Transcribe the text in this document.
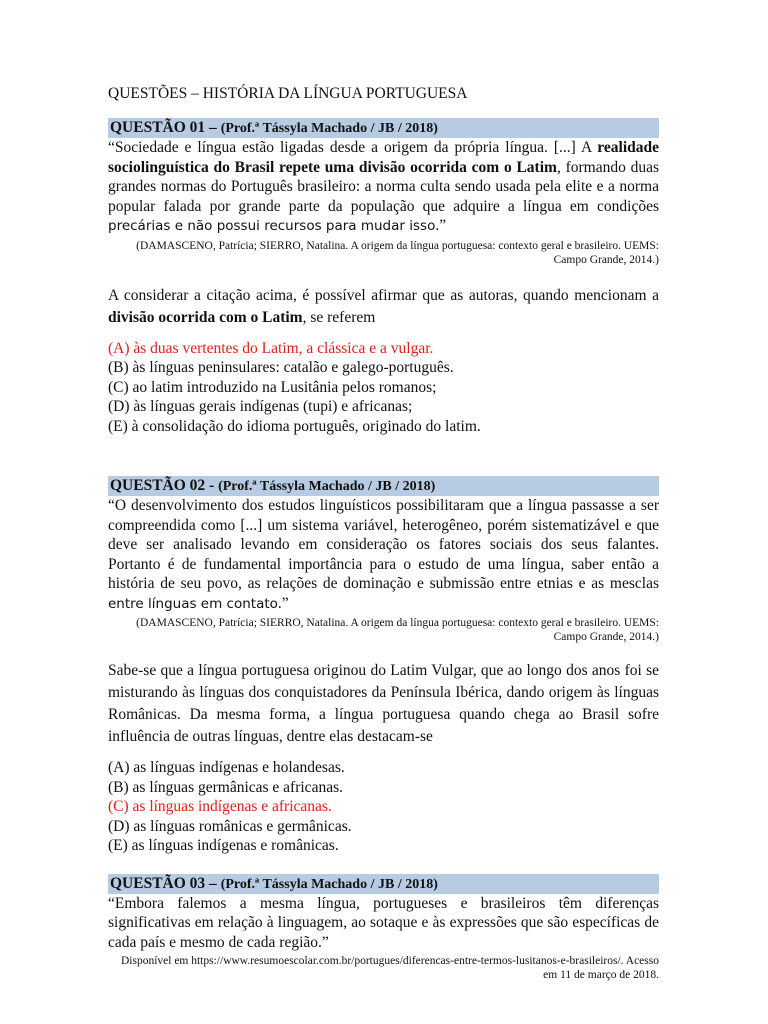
QUESTÕES – HISTÓRIA DA LÍNGUA PORTUGUESA
QUESTÃO 01 – (Prof.ª Tássyla Machado / JB / 2018)

“Sociedade e língua estão ligadas desde a origem da própria língua. [...] A realidade sociolinguística do Brasil repete uma divisão ocorrida com o Latim, formando duas grandes normas do Português brasileiro: a norma culta sendo usada pela elite e a norma popular falada por grande parte da população que adquire a língua em condições precárias e não possui recursos para mudar isso.”

(DAMASCENO, Patrícia; SIERRO, Natalina. A origem da língua portuguesa: contexto geral e brasileiro. UEMS: Campo Grande, 2014.)

A considerar a citação acima, é possível afirmar que as autoras, quando mencionam a divisão ocorrida com o Latim, se referem

(A) às duas vertentes do Latim, a clássica e a vulgar.
(B) às línguas peninsulares: catalão e galego-português.
(C) ao latim introduzido na Lusitânia pelos romanos;
(D) às línguas gerais indígenas (tupi) e africanas;
(E) à consolidação do idioma português, originado do latim.
QUESTÃO 02 - (Prof.ª Tássyla Machado / JB / 2018)

“O desenvolvimento dos estudos linguísticos possibilitaram que a língua passasse a ser compreendida como [...] um sistema variável, heterogêneo, porém sistematizável e que deve ser analisado levando em consideração os fatores sociais dos seus falantes. Portanto é de fundamental importância para o estudo de uma língua, saber então a história de seu povo, as relações de dominação e submissão entre etnias e as mesclas entre línguas em contato.”

(DAMASCENO, Patrícia; SIERRO, Natalina. A origem da língua portuguesa: contexto geral e brasileiro. UEMS: Campo Grande, 2014.)

Sabe-se que a língua portuguesa originou do Latim Vulgar, que ao longo dos anos foi se misturando às línguas dos conquistadores da Península Ibérica, dando origem às línguas Românicas. Da mesma forma, a língua portuguesa quando chega ao Brasil sofre influência de outras línguas, dentre elas destacam-se

(A) as línguas indígenas e holandesas.
(B) as línguas germânicas e africanas.
(C) as línguas indígenas e africanas.
(D) as línguas românicas e germânicas.
(E) as línguas indígenas e românicas.
QUESTÃO 03 – (Prof.ª Tássyla Machado / JB / 2018)

“Embora falemos a mesma língua, portugueses e brasileiros têm diferenças significativas em relação à linguagem, ao sotaque e às expressões que são específicas de cada país e mesmo de cada região.”

Disponível em https://www.resumoescolar.com.br/portugues/diferencas-entre-termos-lusitanos-e-brasileiros/. Acesso em 11 de março de 2018.
